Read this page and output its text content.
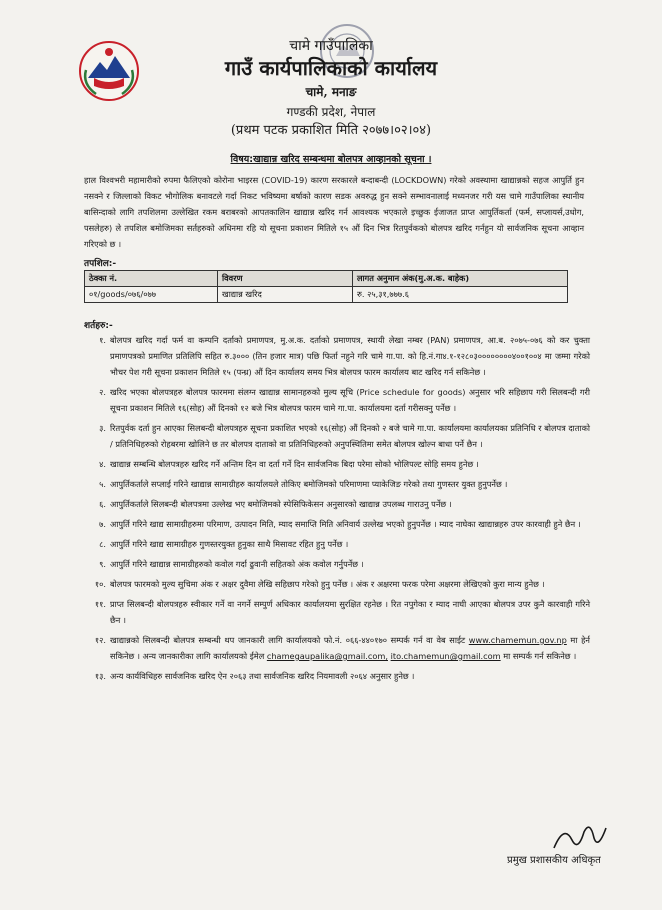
चामे गाउँपालिका
गाउँ कार्यपालिकाको कार्यालय
चामे, मनाङ
गण्डकी प्रदेश, नेपाल
(प्रथम पटक प्रकाशित मिति २०७७।०२।०४)
विषय:खाद्यान्न खरिद सम्बन्धमा बोलपत्र आव्हानको सूचना ।
हाल विश्वभरी महामारीको रुपमा फैलिएको कोरोना भाइरस (COVID-19) कारण सरकारले बन्दाबन्दी (LOCKDOWN) गरेको अवस्थामा खाद्यान्नको सहज आपुर्ति हुन नसक्ने र जिल्लाको विकट भौगोलिक बनावटले गर्दा निकट भविष्यमा बर्षाको कारण सडक अवरुद्ध हुन सक्ने सम्भावनालाई मध्यनजर गरी यस चामे गाउँपालिका स्थानीय बासिन्दाको लागि तपशिलमा उल्लेखित रकम बराबरको आपतकालिन खाद्यान्न खरिद गर्न आवश्यक भएकाले इच्छुक ईजाजत प्राप्त आपुर्तिकर्ता (फर्म, सप्लायर्स,उधोग, पसलेहरु) ले तपशिल बमोजिमका सर्तहरुको अधिनमा रहि यो सूचना प्रकाशन मितिले १५ औं दिन भित्र रितपुर्वकको बोलपत्र खरिद गर्नहुन यो सार्वजनिक सूचना आव्हान गरिएको छ ।
तपशिल:-
ठेक्का नं.	विवरण	लागत अनुमान अंक(मु.अ.क. बाहेक)
०१/goods/०७६/०७७	खाद्यान्न खरिद	रु. २५,३१,७७७.६
शर्तहरु:-
१. बोलपत्र खरिद गर्दा फर्म वा कम्पनि दर्ताको प्रमाणपत्र, मु.अ.क. दर्ताको प्रमाणपत्र, स्थायी लेखा नम्बर (PAN) प्रमाणपत्र, आ.ब. २०७५-०७६ को कर चुक्ता प्रमाणपत्रको प्रमाणित प्रतिलिपि सहित रु.३००० (तिन हजार मात्र) पछि फिर्ता नहुने गरि चामे गा.पा. को हि.नं.गा४.१-१२८०३००००००००४००१००४ मा जम्मा गरेको भौचर पेश गरी सूचना प्रकाशन मितिले १५ (पन्ध्र) औं दिन कार्यालय समय भित्र बोलपत्र फारम कार्यालय बाट खरिद गर्न सकिनेछ ।
२. खरिद भएका बोलपत्रहरु बोलपत्र फारममा संलग्न खाद्यान्न सामानहरुको मुल्य सूचि (Price schedule for goods) अनुसार भरि सहिछाप गरी सिलबन्दी गरी सूचना प्रकाशन मितिले १६(सोह) औं दिनको १२ बजे भित्र बोलपत्र फारम चामे गा.पा. कार्यालयमा दर्ता गरीसक्नु पर्नेछ ।
३. रितपुर्वक दर्ता हुन आएका सिलबन्दी बोलपत्रहरु सूचना प्रकाशित भएको १६(सोह) औं दिनको २ बजे चामे गा.पा. कार्यालयमा कार्यालयका प्रतिनिधि र बोलपत्र दाताको / प्रतिनिधिहरुको रोहबरमा खोलिने छ तर बोलपत्र दाताको वा प्रतिनिधिहरुको अनुपस्थितिमा समेत बोलपत्र खोल्न बाधा पर्ने छैन ।
४. खाद्यान्न सम्बन्धि बोलपत्रहरु खरिद गर्ने अन्तिम दिन वा दर्ता गर्ने दिन सार्वजनिक बिदा परेमा सोको भोलिपल्ट सोहि समय हुनेछ ।
५. आपुर्तिकर्ताले सप्लाई गरिने खाद्यान्न सामाग्रीहरु कार्यालयले तोकिए बमोजिमको परिमाणमा प्याकेजिङ गरेको तथा गुणस्तर युक्त हुनुपर्नेछ ।
६. आपुर्तिकर्ताले सिलबन्दी बोलपत्रमा उल्लेख भए बमोजिमको स्पेसिफिकेसन अनुसारको खाद्यान्न उपलब्ध गाराउनु पर्नेछ ।
७. आपुर्ति गरिने खाद्य सामाग्रीहरुमा परिमाण, उत्पादन मिति, म्याद समाप्ति मिति अनिवार्य उल्लेख भएको हुनुपर्नेछ । म्याद नाघेका खाद्यान्नहरु उपर कारवाही हुने छैन ।
८. आपुर्ति गरिने खाद्य सामाग्रीहरु गुणस्तरयुक्त हुनुका साथै मिसावट रहित हुनु पर्नेछ ।
९. आपुर्ति गरिने खाद्यान्न सामाग्रीहरुको कवोल गर्दा ढुवानी सहितको अंक कवोल गर्नुपर्नेछ ।
१०. बोलपत्र फारमको मुल्य सुचिमा अंक र अक्षर दुवैमा लेखि सहिछाप गरेको हुनु पर्नेछ । अंक र अक्षरमा फरक परेमा अक्षरमा लेखिएको कुरा मान्य हुनेछ ।
११. प्राप्त सिलबन्दी बोलपत्रहरु स्वीकार गर्ने वा नगर्ने सम्पुर्ण अधिकार कार्यालयमा सुरक्षित रहनेछ । रित नपुगेका र म्याद नाघी आएका बोलपत्र उपर कुनै कारवाही गरिने छैन ।
१२. खाद्यान्नको सिलबन्दी बोलपत्र सम्बन्धी थप जानकारी लागि कार्यालयको फो.नं. ०६६-४४०१७० सम्पर्क गर्न वा वेब साईट www.chamemun.gov.np मा हेर्न सकिनेछ । अन्य जानकारीका लागि कार्यालयको ईमेल chamegaupalika@gmail.com, ito.chamemun@gmail.com मा सम्पर्क गर्न सकिनेछ ।
१३. अन्य कार्यविधिहरु सार्वजनिक खरिद ऐन २०६३ तथा सार्वजनिक खरिद नियमावली २०६४ अनुसार हुनेछ ।
प्रमुख प्रशासकीय अधिकृत
